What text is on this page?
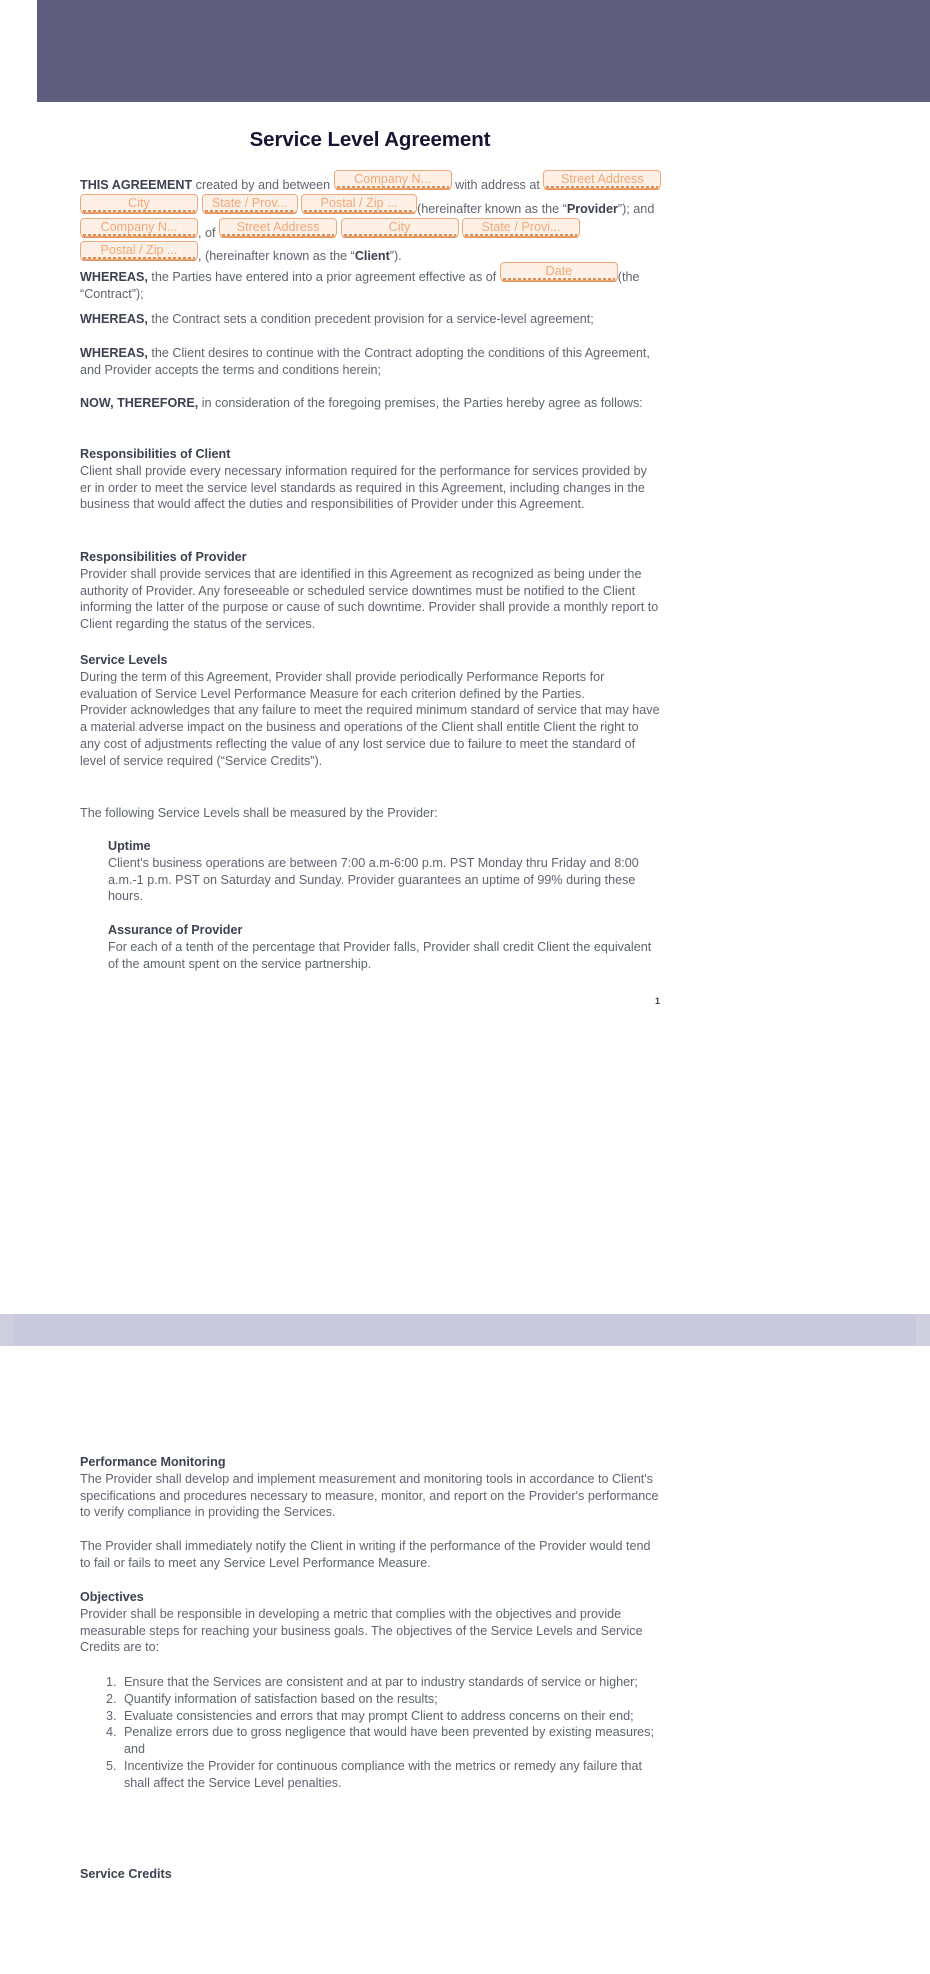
Service Level Agreement

THIS AGREEMENT created by and between Company N... with address at Street Address City	State / Prov...	Postal / Zip ... (hereinafter known as the “Provider”); and Company N... , of Street Address	City	State / Provi... Postal / Zip ... , (hereinafter known as the “Client”).

WHEREAS, the Parties have entered into a prior agreement effective as of	Date	(the “Contract”);

WHEREAS, the Contract sets a condition precedent provision for a service-level agreement;

WHEREAS, the Client desires to continue with the Contract adopting the conditions of this Agreement, and Provider accepts the terms and conditions herein;

NOW, THEREFORE, in consideration of the foregoing premises, the Parties hereby agree as follows:

Responsibilities of Client

Client shall provide every necessary information required for the performance for services provided by er in order to meet the service level standards as required in this Agreement, including changes in the business that would affect the duties and responsibilities of Provider under this Agreement.

Responsibilities of Provider

Provider shall provide services that are identified in this Agreement as recognized as being under the authority of Provider. Any foreseeable or scheduled service downtimes must be notified to the Client informing the latter of the purpose or cause of such downtime. Provider shall provide a monthly report to Client regarding the status of the services.

Service Levels

During the term of this Agreement, Provider shall provide periodically Performance Reports for evaluation of Service Level Performance Measure for each criterion defined by the Parties.

Provider acknowledges that any failure to meet the required minimum standard of service that may have a material adverse impact on the business and operations of the Client shall entitle Client the right to any cost of adjustments reflecting the value of any lost service due to failure to meet the standard of level of service required (“Service Credits”).

The following Service Levels shall be measured by the Provider:

Uptime

Client's business operations are between 7:00 a.m-6:00 p.m. PST Monday thru Friday and 8:00 a.m.-1 p.m. PST on Saturday and Sunday. Provider guarantees an uptime of 99% during these hours.

Assurance of Provider

For each of a tenth of the percentage that Provider falls, Provider shall credit Client the equivalent of the amount spent on the service partnership.

1
Performance Monitoring

The Provider shall develop and implement measurement and monitoring tools in accordance to Client's specifications and procedures necessary to measure, monitor, and report on the Provider's performance to verify compliance in providing the Services.

The Provider shall immediately notify the Client in writing if the performance of the Provider would tend to fail or fails to meet any Service Level Performance Measure.

Objectives

Provider shall be responsible in developing a metric that complies with the objectives and provide measurable steps for reaching your business goals. The objectives of the Service Levels and Service Credits are to:

1. Ensure that the Services are consistent and at par to industry standards of service or higher;
2. Quantify information of satisfaction based on the results;
3. Evaluate consistencies and errors that may prompt Client to address concerns on their end;
4. Penalize errors due to gross negligence that would have been prevented by existing measures; and
5. Incentivize the Provider for continuous compliance with the metrics or remedy any failure that shall affect the Service Level penalties.
Service Credits
